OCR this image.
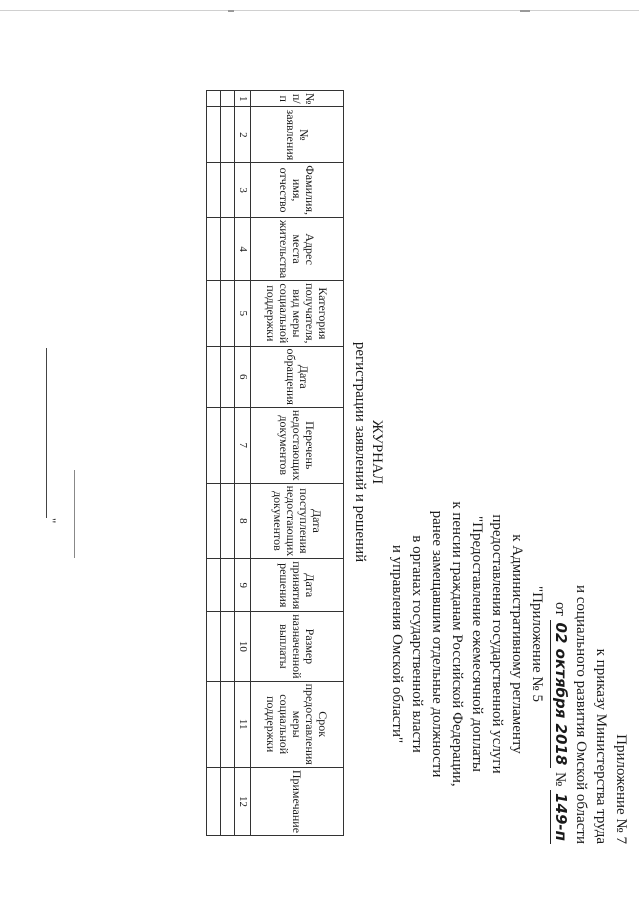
Приложение № 7
к приказу Министерства труда
и социального развития Омской области
от 02 октября 2018 № 149-п
"Приложение № 5
к Административному регламенту
предоставления государственной услуги
"Предоставление ежемесячной доплаты
к пенсии гражданам Российской Федерации,
ранее замещавшим отдельные должности
в органах государственной власти
и управления Омской области"
ЖУРНАЛ
регистрации заявлений и решений
№ п/п	№ заявления	Фамилия, имя, отчество	Адрес места жительства	Категория получателя, вид меры социальной поддержки	Дата обращения	Перечень недостающих документов	Дата поступления недостающих документов	Дата принятия решения	Размер назначенной выплаты	Срок предоставления меры социальной поддержки	Примечание
1	2	3	4	5	6	7	8	9	10	11	12

"
